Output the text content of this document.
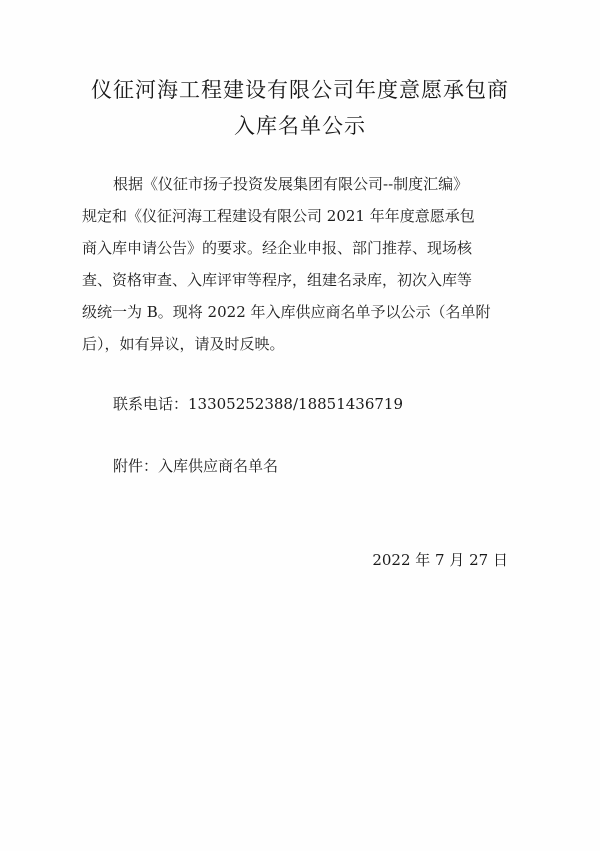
仪征河海工程建设有限公司年度意愿承包商
入库名单公示
根据《仪征市扬子投资发展集团有限公司--制度汇编》
规定和《仪征河海工程建设有限公司 2021 年年度意愿承包
商入库申请公告》的要求。经企业申报、部门推荐、现场核
查、资格审查、入库评审等程序，组建名录库，初次入库等
级统一为 B。现将 2022 年入库供应商名单予以公示（名单附
后），如有异议，请及时反映。
联系电话：13305252388/18851436719
附件：入库供应商名单名
2022 年 7 月 27 日
